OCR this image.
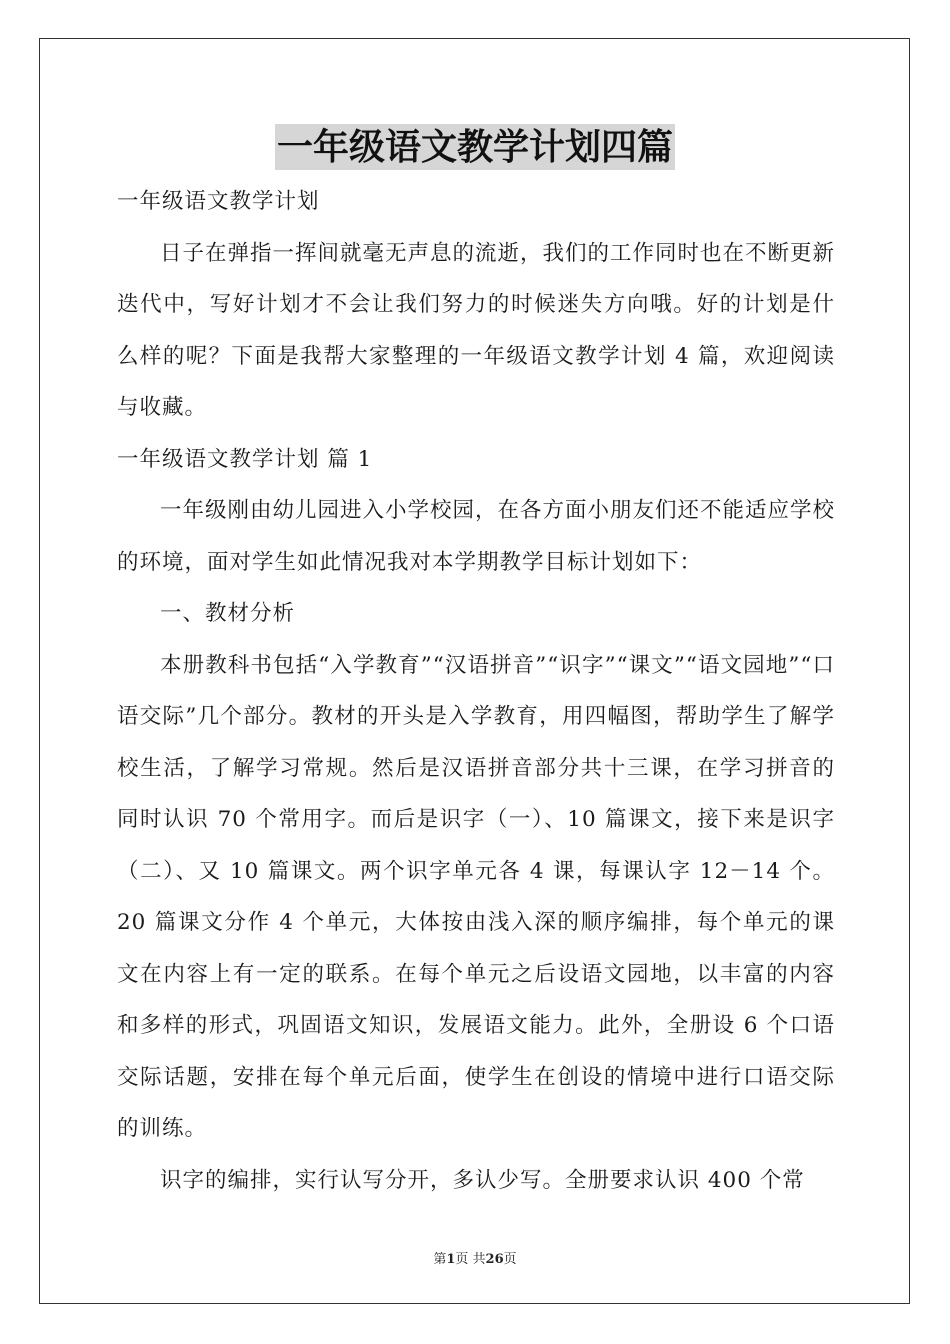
一年级语文教学计划四篇

一年级语文教学计划

日子在弹指一挥间就毫无声息的流逝，我们的工作同时也在不断更新迭代中，写好计划才不会让我们努力的时候迷失方向哦。好的计划是什么样的呢？下面是我帮大家整理的一年级语文教学计划 4 篇，欢迎阅读与收藏。

一年级语文教学计划 篇 1

一年级刚由幼儿园进入小学校园，在各方面小朋友们还不能适应学校的环境，面对学生如此情况我对本学期教学目标计划如下：

一、教材分析

本册教科书包括“入学教育”“汉语拼音”“识字”“课文”“语文园地”“口语交际”几个部分。教材的开头是入学教育，用四幅图，帮助学生了解学校生活，了解学习常规。然后是汉语拼音部分共十三课，在学习拼音的同时认识 70 个常用字。而后是识字（一）、10 篇课文，接下来是识字（二）、又 10 篇课文。两个识字单元各 4 课，每课认字 12－14 个。20 篇课文分作 4 个单元，大体按由浅入深的顺序编排，每个单元的课文在内容上有一定的联系。在每个单元之后设语文园地，以丰富的内容和多样的形式，巩固语文知识，发展语文能力。此外，全册设 6 个口语交际话题，安排在每个单元后面，使学生在创设的情境中进行口语交际的训练。

识字的编排，实行认写分开，多认少写。全册要求认识 400 个常

第1页 共26页
